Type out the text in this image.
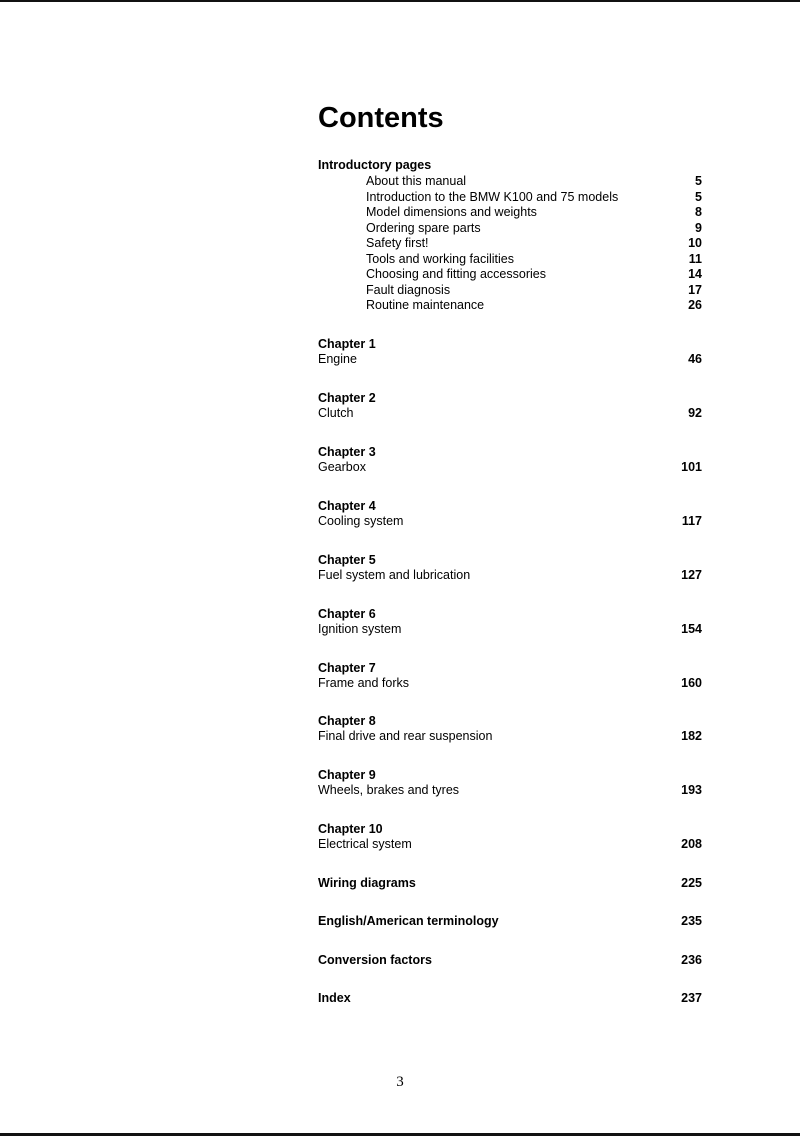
Contents
Introductory pages
About this manual	5
Introduction to the BMW K100 and 75 models	5
Model dimensions and weights	8
Ordering spare parts	9
Safety first!	10
Tools and working facilities	11
Choosing and fitting accessories	14
Fault diagnosis	17
Routine maintenance	26
Chapter 1
Engine	46
Chapter 2
Clutch	92
Chapter 3
Gearbox	101
Chapter 4
Cooling system	117
Chapter 5
Fuel system and lubrication	127
Chapter 6
Ignition system	154
Chapter 7
Frame and forks	160
Chapter 8
Final drive and rear suspension	182
Chapter 9
Wheels, brakes and tyres	193
Chapter 10
Electrical system	208
Wiring diagrams	225
English/American terminology	235
Conversion factors	236
Index	237
3
